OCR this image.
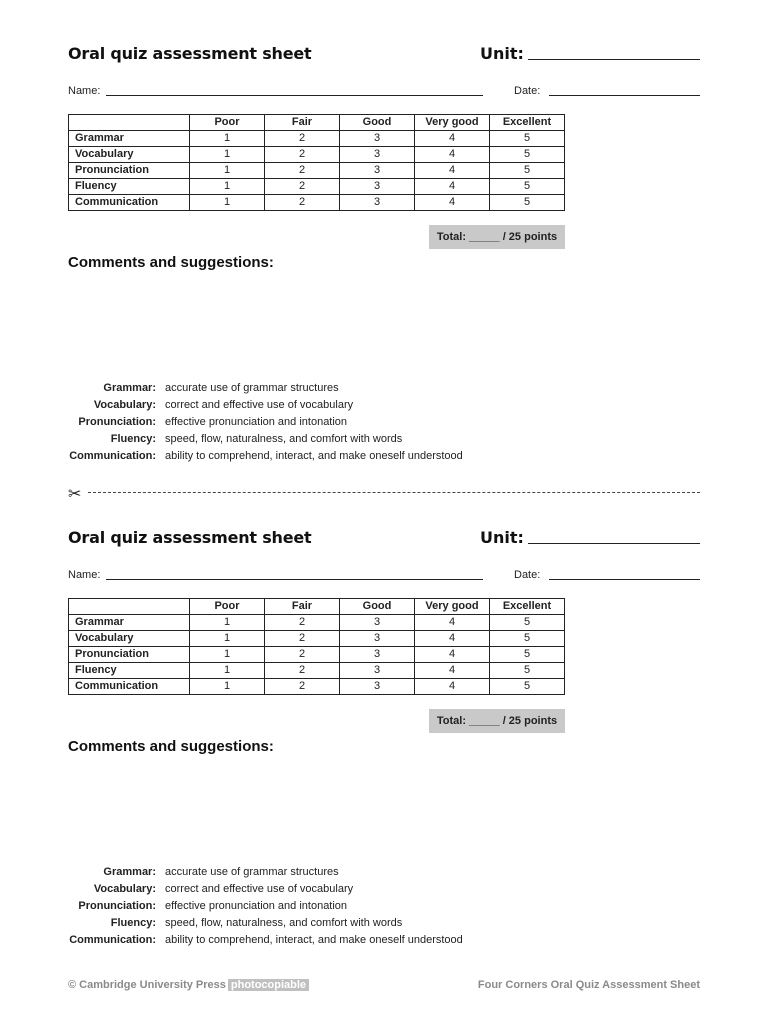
Oral quiz assessment sheet	Unit:
Name:	Date:
	Poor	Fair	Good	Very good	Excellent
Grammar	1	2	3	4	5
Vocabulary	1	2	3	4	5
Pronunciation	1	2	3	4	5
Fluency	1	2	3	4	5
Communication	1	2	3	4	5
Total: _____ / 25 points
Comments and suggestions:
Grammar: accurate use of grammar structures
Vocabulary: correct and effective use of vocabulary
Pronunciation: effective pronunciation and intonation
Fluency: speed, flow, naturalness, and comfort with words
Communication: ability to comprehend, interact, and make oneself understood
✂
Oral quiz assessment sheet	Unit:
Name:	Date:
	Poor	Fair	Good	Very good	Excellent
Grammar	1	2	3	4	5
Vocabulary	1	2	3	4	5
Pronunciation	1	2	3	4	5
Fluency	1	2	3	4	5
Communication	1	2	3	4	5
Total: _____ / 25 points
Comments and suggestions:
Grammar: accurate use of grammar structures
Vocabulary: correct and effective use of vocabulary
Pronunciation: effective pronunciation and intonation
Fluency: speed, flow, naturalness, and comfort with words
Communication: ability to comprehend, interact, and make oneself understood
© Cambridge University Press photocopiable	Four Corners Oral Quiz Assessment Sheet
